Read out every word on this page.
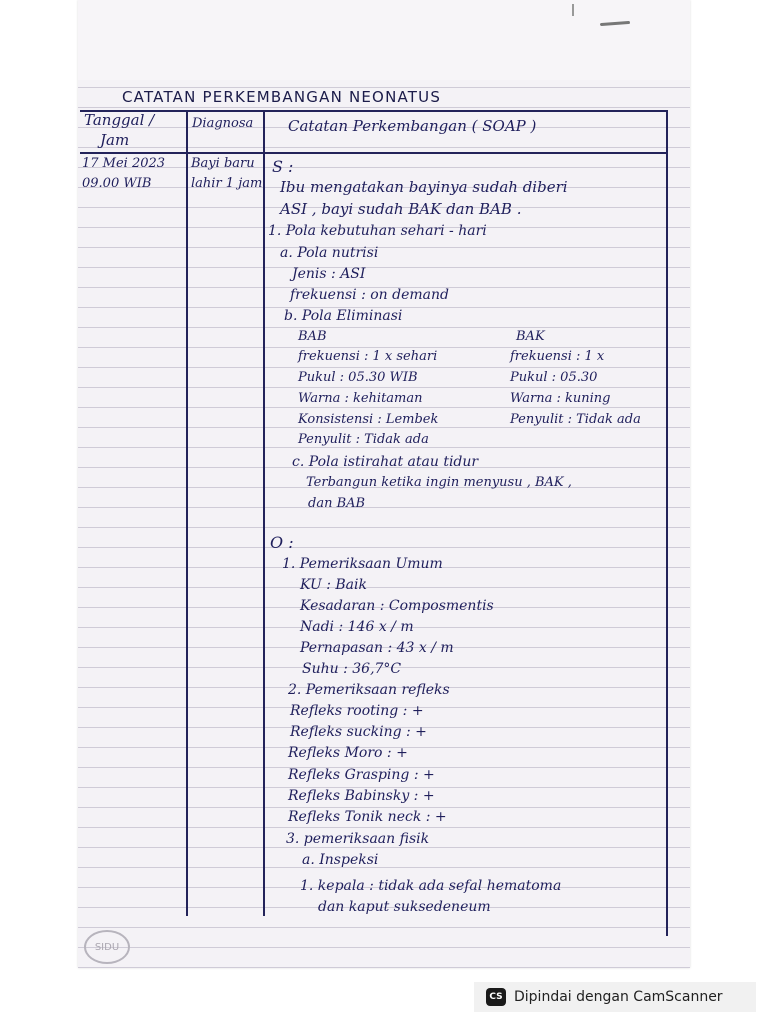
CATATAN PERKEMBANGAN NEONATUS
Tanggal /
Jam
Diagnosa Catatan Perkembangan ( SOAP )
17 Mei 2023
09.00 WIB
Bayi baru
lahir 1 jam
S :
Ibu mengatakan bayinya sudah diberi
ASI , bayi sudah BAK dan BAB .
1. Pola kebutuhan sehari - hari
a. Pola nutrisi
Jenis : ASI
frekuensi : on demand
b. Pola Eliminasi
BAB
frekuensi : 1 x sehari
Pukul : 05.30 WIB
Warna : kehitaman
Konsistensi : Lembek
Penyulit : Tidak ada
BAK
frekuensi : 1 x
Pukul : 05.30
Warna : kuning
Penyulit : Tidak ada
c. Pola istirahat atau tidur
Terbangun ketika ingin menyusu , BAK ,
dan BAB
O :
1. Pemeriksaan Umum
KU : Baik
Kesadaran : Composmentis
Nadi : 146 x / m
Pernapasan : 43 x / m
Suhu : 36,7°C
2. Pemeriksaan refleks
Refleks rooting : +
Refleks sucking : +
Refleks Moro : +
Refleks Grasping : +
Refleks Babinsky : +
Refleks Tonik neck : +
3. pemeriksaan fisik
a. Inspeksi
1. kepala : tidak ada sefal hematoma
dan kaput suksedeneum
SIDU
CS Dipindai dengan CamScanner
